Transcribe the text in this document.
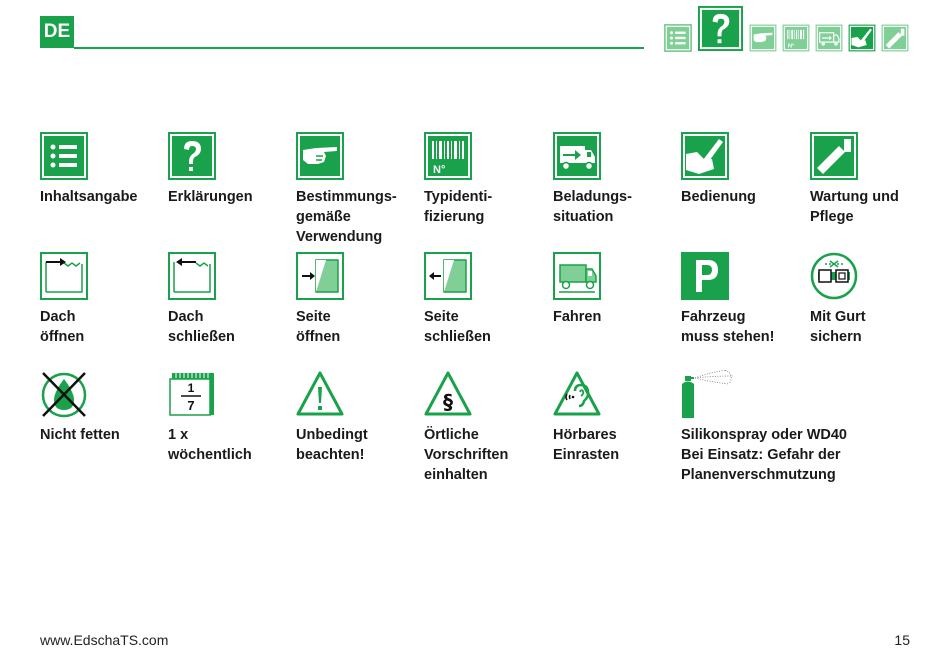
DE
N°
Inhaltsangabe	Erklärungen	Bestimmungs-
gemäße
Verwendung
N°
Typidenti-
fizierung
Beladungs-
situation
Bedienung	Wartung und
Pflege
Dach
öffnen
Dach
schließen
Seite
öffnen
Seite
schließen
Fahren	Fahrzeug
muss stehen!
Mit Gurt
sichern
Nicht fetten
1
7
1 x
wöchentlich
Unbedingt
beachten!
§
Örtliche
Vorschriften
einhalten
Hörbares
Einrasten
Silikonspray oder WD40
Bei Einsatz: Gefahr der
Planenverschmutzung
www.EdschaTS.com	15
